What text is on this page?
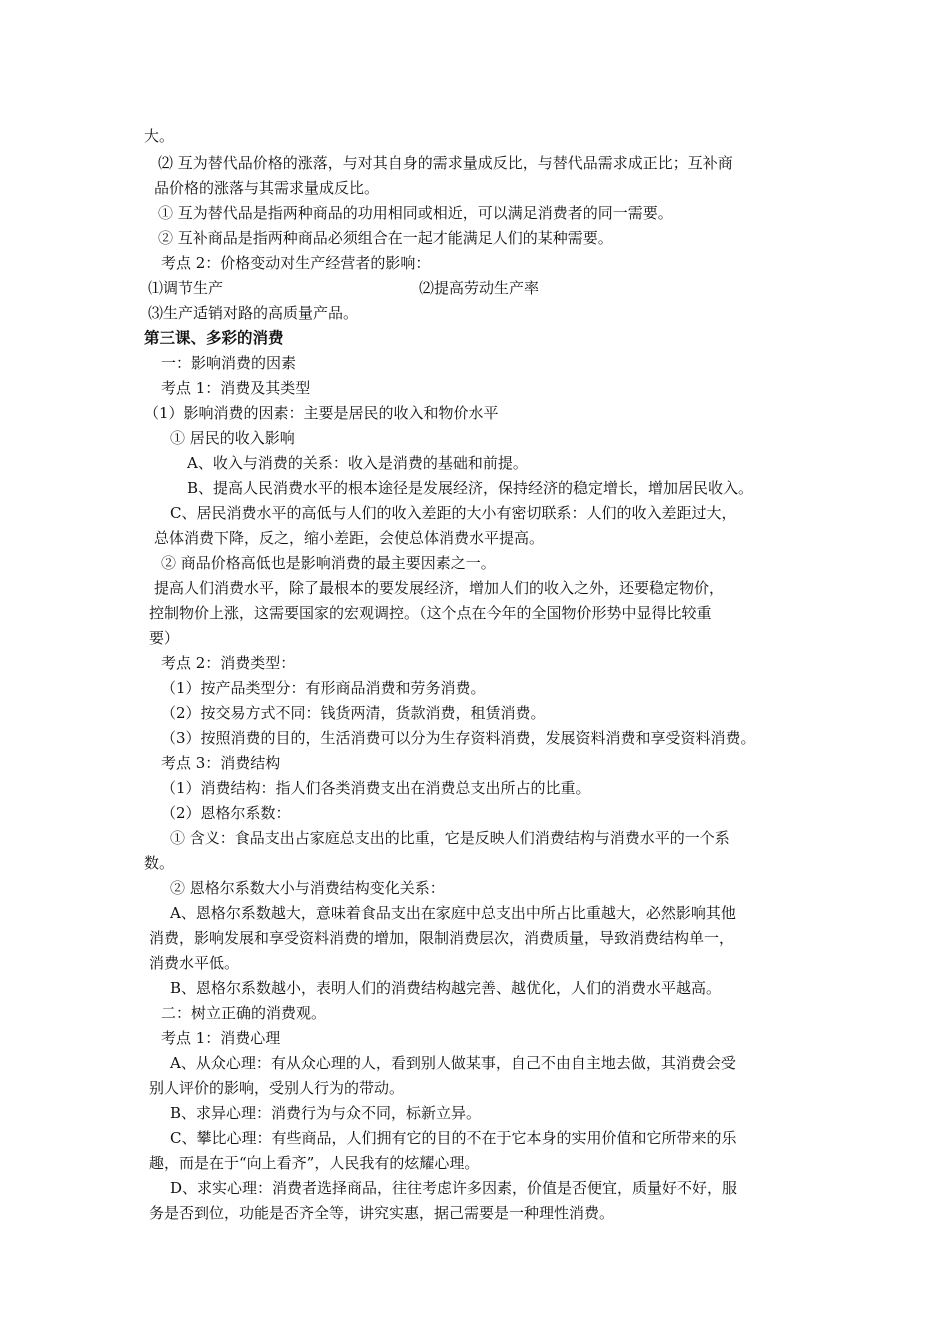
大。
⑵ 互为替代品价格的涨落，与对其自身的需求量成反比，与替代品需求成正比；互补商
品价格的涨落与其需求量成反比。
① 互为替代品是指两种商品的功用相同或相近，可以满足消费者的同一需要。
② 互补商品是指两种商品必须组合在一起才能满足人们的某种需要。
考点 2：价格变动对生产经营者的影响：
⑴调节生产	⑵提高劳动生产率
⑶生产适销对路的高质量产品。
第三课、多彩的消费
一：影响消费的因素
考点 1：消费及其类型
（1）影响消费的因素：主要是居民的收入和物价水平
① 居民的收入影响
A、收入与消费的关系：收入是消费的基础和前提。
B、提高人民消费水平的根本途径是发展经济，保持经济的稳定增长，增加居民收入。
C、居民消费水平的高低与人们的收入差距的大小有密切联系：人们的收入差距过大，
总体消费下降，反之，缩小差距，会使总体消费水平提高。
② 商品价格高低也是影响消费的最主要因素之一。
提高人们消费水平，除了最根本的要发展经济，增加人们的收入之外，还要稳定物价，
控制物价上涨，这需要国家的宏观调控。（这个点在今年的全国物价形势中显得比较重
要）
考点 2：消费类型：
（1）按产品类型分：有形商品消费和劳务消费。
（2）按交易方式不同：钱货两清，货款消费，租赁消费。
（3）按照消费的目的，生活消费可以分为生存资料消费，发展资料消费和享受资料消费。
考点 3：消费结构
（1）消费结构：指人们各类消费支出在消费总支出所占的比重。
（2）恩格尔系数：
① 含义：食品支出占家庭总支出的比重，它是反映人们消费结构与消费水平的一个系
数。
② 恩格尔系数大小与消费结构变化关系：
A、恩格尔系数越大，意味着食品支出在家庭中总支出中所占比重越大，必然影响其他
消费，影响发展和享受资料消费的增加，限制消费层次，消费质量，导致消费结构单一，
消费水平低。
B、恩格尔系数越小，表明人们的消费结构越完善、越优化，人们的消费水平越高。
二：树立正确的消费观。
考点 1：消费心理
A、从众心理：有从众心理的人，看到别人做某事，自己不由自主地去做，其消费会受
别人评价的影响，受别人行为的带动。
B、求异心理：消费行为与众不同，标新立异。
C、攀比心理：有些商品，人们拥有它的目的不在于它本身的实用价值和它所带来的乐
趣，而是在于“向上看齐”，人民我有的炫耀心理。
D、求实心理：消费者选择商品，往往考虑许多因素，价值是否便宜，质量好不好，服
务是否到位，功能是否齐全等，讲究实惠，据己需要是一种理性消费。
